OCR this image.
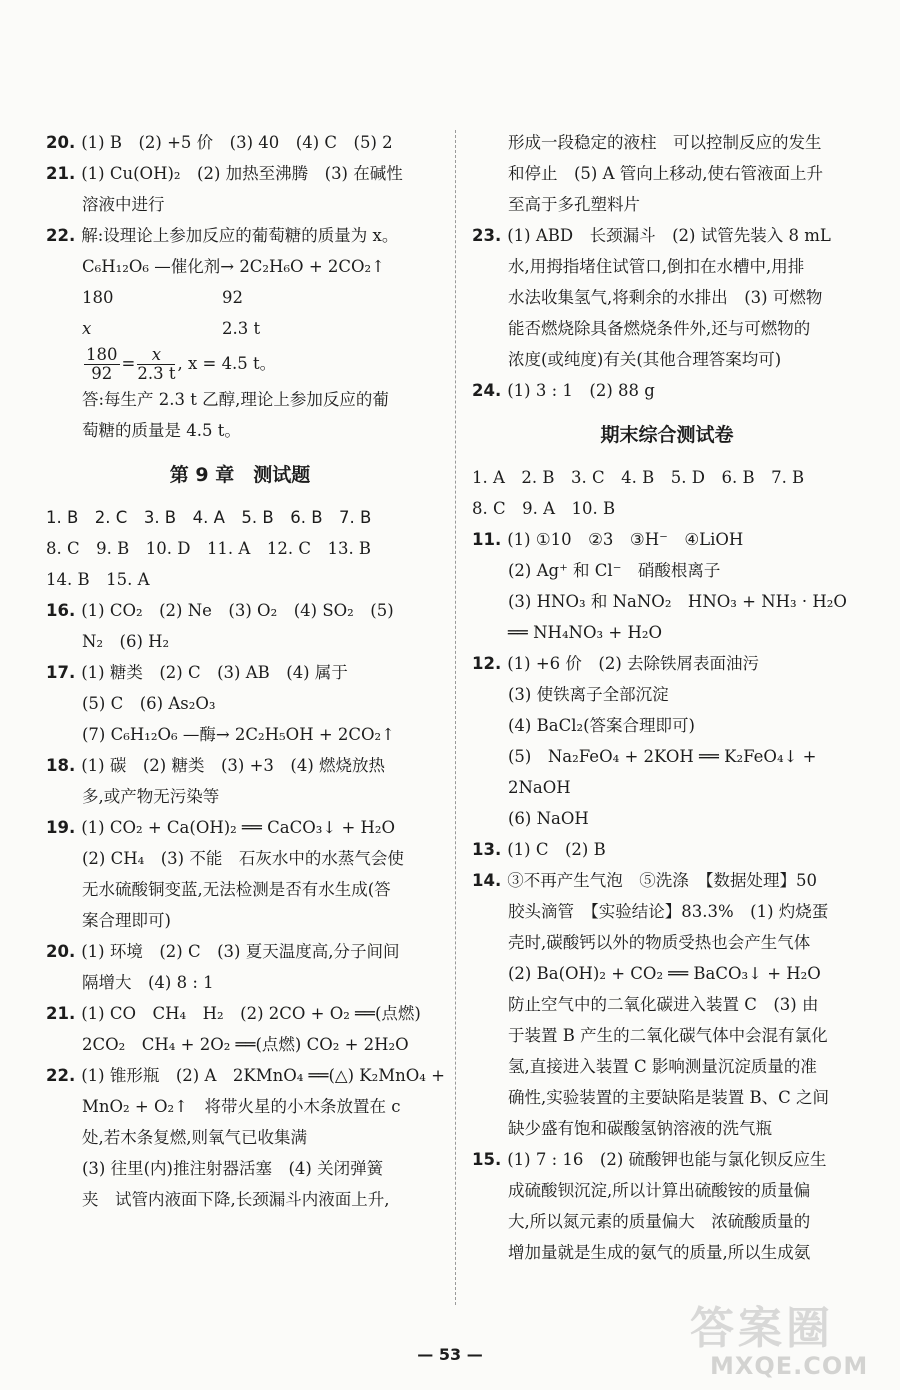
20. (1) B　(2) +5 价　(3) 40　(4) C　(5) 2
21. (1) Cu(OH)₂　(2) 加热至沸腾　(3) 在碱性
溶液中进行
22. 解:设理论上参加反应的葡萄糖的质量为 x。
C₆H₁₂O₆ —催化剂→ 2C₂H₆O + 2CO₂↑
180	92
x	2.3 t
$\frac{180}{92} = \frac{x}{2.3 t}$ , x = 4.5 t。
答:每生产 2.3 t 乙醇,理论上参加反应的葡
萄糖的质量是 4.5 t。
第 9 章　测试题
1. B　2. C　3. B　4. A　5. B　6. B　7. B
8. C　9. B　10. D　11. A　12. C　13. B
14. B　15. A
16. (1) CO₂　(2) Ne　(3) O₂　(4) SO₂　(5)
N₂　(6) H₂
17. (1) 糖类　(2) C　(3) AB　(4) 属于
(5) C　(6) As₂O₃
(7) C₆H₁₂O₆ —酶→ 2C₂H₅OH + 2CO₂↑
18. (1) 碳　(2) 糖类　(3) +3　(4) 燃烧放热
多,或产物无污染等
19. (1) CO₂ + Ca(OH)₂ ══ CaCO₃↓ + H₂O
(2) CH₄　(3) 不能　石灰水中的水蒸气会使
无水硫酸铜变蓝,无法检测是否有水生成(答
案合理即可)
20. (1) 环境　(2) C　(3) 夏天温度高,分子间间
隔增大　(4) 8 : 1
21. (1) CO　CH₄　H₂　(2) 2CO + O₂ ══(点燃)
2CO₂　CH₄ + 2O₂ ══(点燃) CO₂ + 2H₂O
22. (1) 锥形瓶　(2) A　2KMnO₄ ══(△) K₂MnO₄ +
MnO₂ + O₂↑　将带火星的小木条放置在 c
处,若木条复燃,则氧气已收集满
(3) 往里(内)推注射器活塞　(4) 关闭弹簧
夹　试管内液面下降,长颈漏斗内液面上升,
形成一段稳定的液柱　可以控制反应的发生
和停止　(5) A 管向上移动,使右管液面上升
至高于多孔塑料片
23. (1) ABD　长颈漏斗　(2) 试管先装入 8 mL
水,用拇指堵住试管口,倒扣在水槽中,用排
水法收集氢气,将剩余的水排出　(3) 可燃物
能否燃烧除具备燃烧条件外,还与可燃物的
浓度(或纯度)有关(其他合理答案均可)
24. (1) 3 : 1　(2) 88 g
期末综合测试卷
1. A　2. B　3. C　4. B　5. D　6. B　7. B
8. C　9. A　10. B
11. (1) ①10　②3　③H⁻　④LiOH
(2) Ag⁺ 和 Cl⁻　硝酸根离子
(3) HNO₃ 和 NaNO₂　HNO₃ + NH₃ · H₂O
══ NH₄NO₃ + H₂O
12. (1) +6 价　(2) 去除铁屑表面油污
(3) 使铁离子全部沉淀
(4) BaCl₂(答案合理即可)
(5)　Na₂FeO₄ + 2KOH ══ K₂FeO₄↓ +
2NaOH
(6) NaOH
13. (1) C　(2) B
14. ③不再产生气泡　⑤洗涤　【数据处理】50
胶头滴管　【实验结论】83.3%　(1) 灼烧蛋
壳时,碳酸钙以外的物质受热也会产生气体
(2) Ba(OH)₂ + CO₂ ══ BaCO₃↓ + H₂O
防止空气中的二氧化碳进入装置 C　(3) 由
于装置 B 产生的二氧化碳气体中会混有氯化
氢,直接进入装置 C 影响测量沉淀质量的准
确性,实验装置的主要缺陷是装置 B、C 之间
缺少盛有饱和碳酸氢钠溶液的洗气瓶
15. (1) 7 : 16　(2) 硫酸钾也能与氯化钡反应生
成硫酸钡沉淀,所以计算出硫酸铵的质量偏
大,所以氮元素的质量偏大　浓硫酸质量的
增加量就是生成的氨气的质量,所以生成氨
— 53 —
答案圈
MXQE.COM
